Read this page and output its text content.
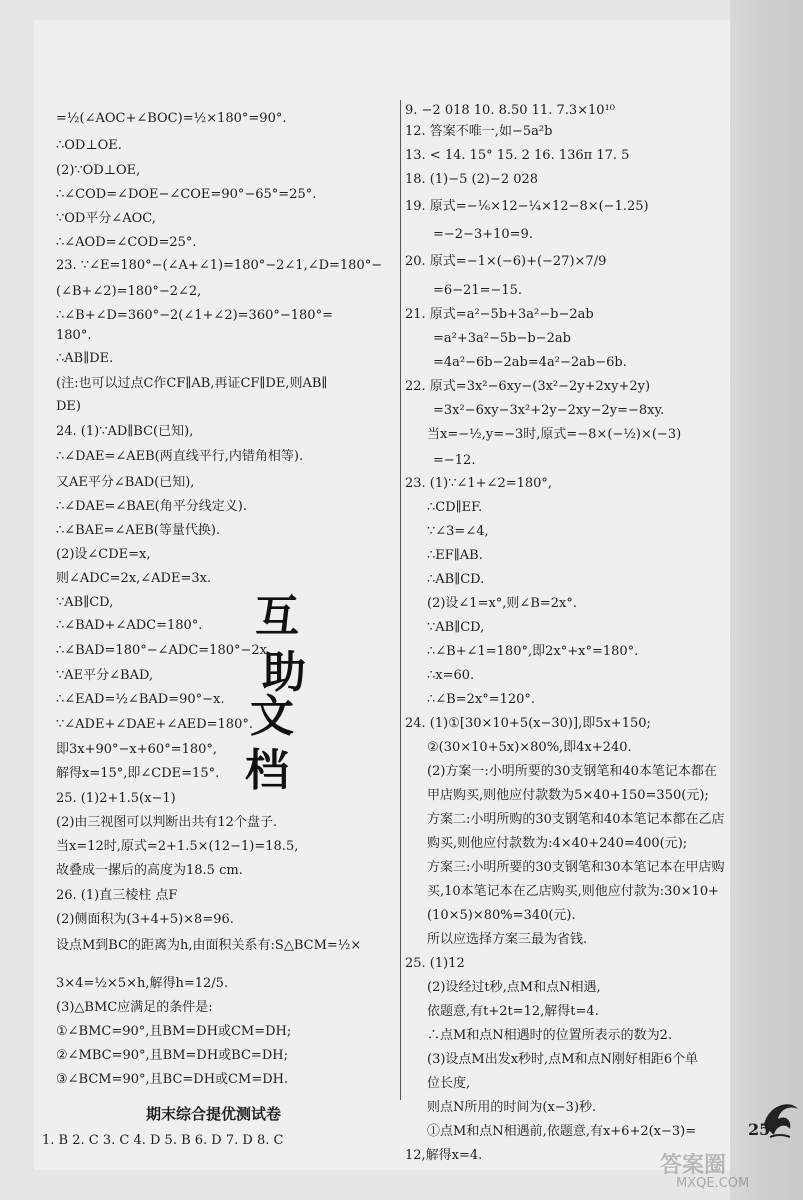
=½(∠AOC+∠BOC)=½×180°=90°.
∴OD⊥OE.
(2)∵OD⊥OE,
∴∠COD=∠DOE−∠COE=90°−65°=25°.
∵OD平分∠AOC,
∴∠AOD=∠COD=25°.
23. ∵∠E=180°−(∠A+∠1)=180°−2∠1,∠D=180°−
(∠B+∠2)=180°−2∠2,
∴∠B+∠D=360°−2(∠1+∠2)=360°−180°=
180°.
∴AB∥DE.
(注:也可以过点C作CF∥AB,再证CF∥DE,则AB∥
DE)
24. (1)∵AD∥BC(已知),
∴∠DAE=∠AEB(两直线平行,内错角相等).
又AE平分∠BAD(已知),
∴∠DAE=∠BAE(角平分线定义).
∴∠BAE=∠AEB(等量代换).
(2)设∠CDE=x,
则∠ADC=2x,∠ADE=3x.
∵AB∥CD,
∴∠BAD+∠ADC=180°.
∴∠BAD=180°−∠ADC=180°−2x.
∵AE平分∠BAD,
∴∠EAD=½∠BAD=90°−x.
∵∠ADE+∠DAE+∠AED=180°.
即3x+90°−x+60°=180°,
解得x=15°,即∠CDE=15°.
25. (1)2+1.5(x−1)
(2)由三视图可以判断出共有12个盘子.
当x=12时,原式=2+1.5×(12−1)=18.5,
故叠成一摞后的高度为18.5 cm.
26. (1)直三棱柱 点F
(2)侧面积为(3+4+5)×8=96.
设点M到BC的距离为h,由面积关系有:S△BCM=½×
3×4=½×5×h,解得h=12/5.
(3)△BMC应满足的条件是:
①∠BMC=90°,且BM=DH或CM=DH;
②∠MBC=90°,且BM=DH或BC=DH;
③∠BCM=90°,且BC=DH或CM=DH.
期末综合提优测试卷
1. B 2. C 3. C 4. D 5. B 6. D 7. D 8. C
9. −2 018 10. 8.50 11. 7.3×10¹⁰
12. 答案不唯一,如−5a²b
13. < 14. 15° 15. 2 16. 136π 17. 5
18. (1)−5 (2)−2 028
19. 原式=−⅙×12−¼×12−8×(−1.25)
=−2−3+10=9.
20. 原式=−1×(−6)+(−27)×7/9
=6−21=−15.
21. 原式=a²−5b+3a²−b−2ab
=a²+3a²−5b−b−2ab
=4a²−6b−2ab=4a²−2ab−6b.
22. 原式=3x²−6xy−(3x²−2y+2xy+2y)
=3x²−6xy−3x²+2y−2xy−2y=−8xy.
当x=−½,y=−3时,原式=−8×(−½)×(−3)
=−12.
23. (1)∵∠1+∠2=180°,
∴CD∥EF.
∵∠3=∠4,
∴EF∥AB.
∴AB∥CD.
(2)设∠1=x°,则∠B=2x°.
∵AB∥CD,
∴∠B+∠1=180°,即2x°+x°=180°.
∴x=60.
∴∠B=2x°=120°.
24. (1)①[30×10+5(x−30)],即5x+150;
②(30×10+5x)×80%,即4x+240.
(2)方案一:小明所要的30支钢笔和40本笔记本都在
甲店购买,则他应付款数为5×40+150=350(元);
方案二:小明所购的30支钢笔和40本笔记本都在乙店
购买,则他应付款数为:4×40+240=400(元);
方案三:小明所要的30支钢笔和30本笔记本在甲店购
买,10本笔记本在乙店购买,则他应付款为:30×10+
(10×5)×80%=340(元).
所以应选择方案三最为省钱.
25. (1)12
(2)设经过t秒,点M和点N相遇,
依题意,有t+2t=12,解得t=4.
∴点M和点N相遇时的位置所表示的数为2.
(3)设点M出发x秒时,点M和点N刚好相距6个单
位长度,
则点N所用的时间为(x−3)秒.
①点M和点N相遇前,依题意,有x+6+2(x−3)=
12,解得x=4.
互
助
文
档
25
答案圈
MXQE.COM
